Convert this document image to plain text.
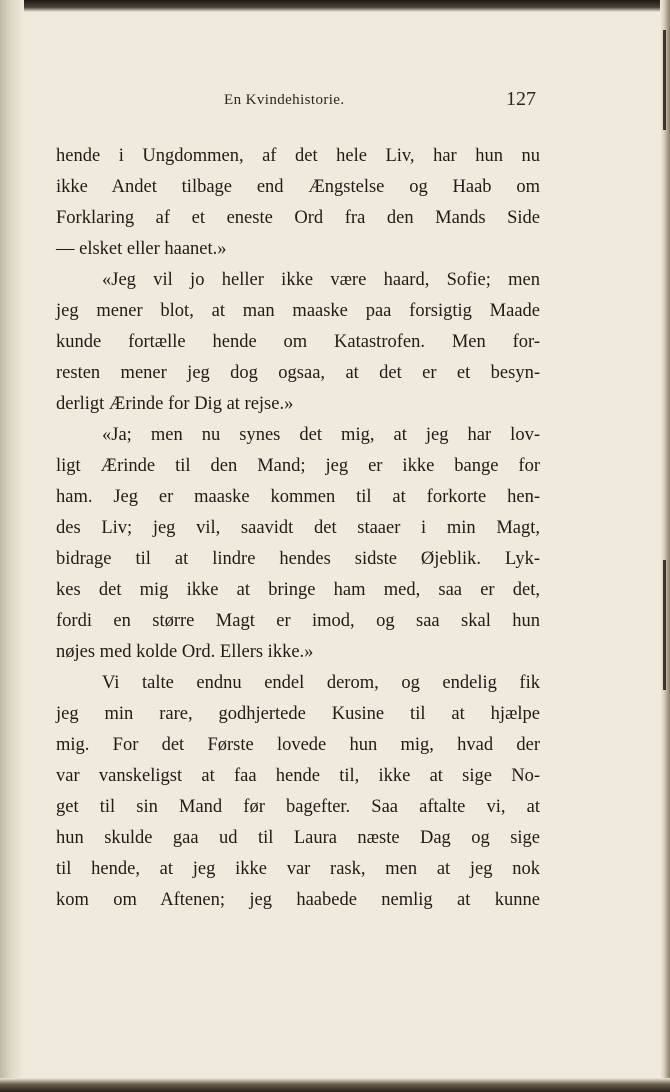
En Kvindehistorie.	127
hende i Ungdommen, af det hele Liv, har hun nu
ikke Andet tilbage end Ængstelse og Haab om
Forklaring af et eneste Ord fra den Mands Side
— elsket eller haanet.»
«Jeg vil jo heller ikke være haard, Sofie; men
jeg mener blot, at man maaske paa forsigtig Maade
kunde fortælle hende om Katastrofen. Men for-
resten mener jeg dog ogsaa, at det er et besyn-
derligt Ærinde for Dig at rejse.»
«Ja; men nu synes det mig, at jeg har lov-
ligt Ærinde til den Mand; jeg er ikke bange for
ham. Jeg er maaske kommen til at forkorte hen-
des Liv; jeg vil, saavidt det staaer i min Magt,
bidrage til at lindre hendes sidste Øjeblik. Lyk-
kes det mig ikke at bringe ham med, saa er det,
fordi en større Magt er imod, og saa skal hun
nøjes med kolde Ord. Ellers ikke.»
Vi talte endnu endel derom, og endelig fik
jeg min rare, godhjertede Kusine til at hjælpe
mig. For det Første lovede hun mig, hvad der
var vanskeligst at faa hende til, ikke at sige No-
get til sin Mand før bagefter. Saa aftalte vi, at
hun skulde gaa ud til Laura næste Dag og sige
til hende, at jeg ikke var rask, men at jeg nok
kom om Aftenen; jeg haabede nemlig at kunne
